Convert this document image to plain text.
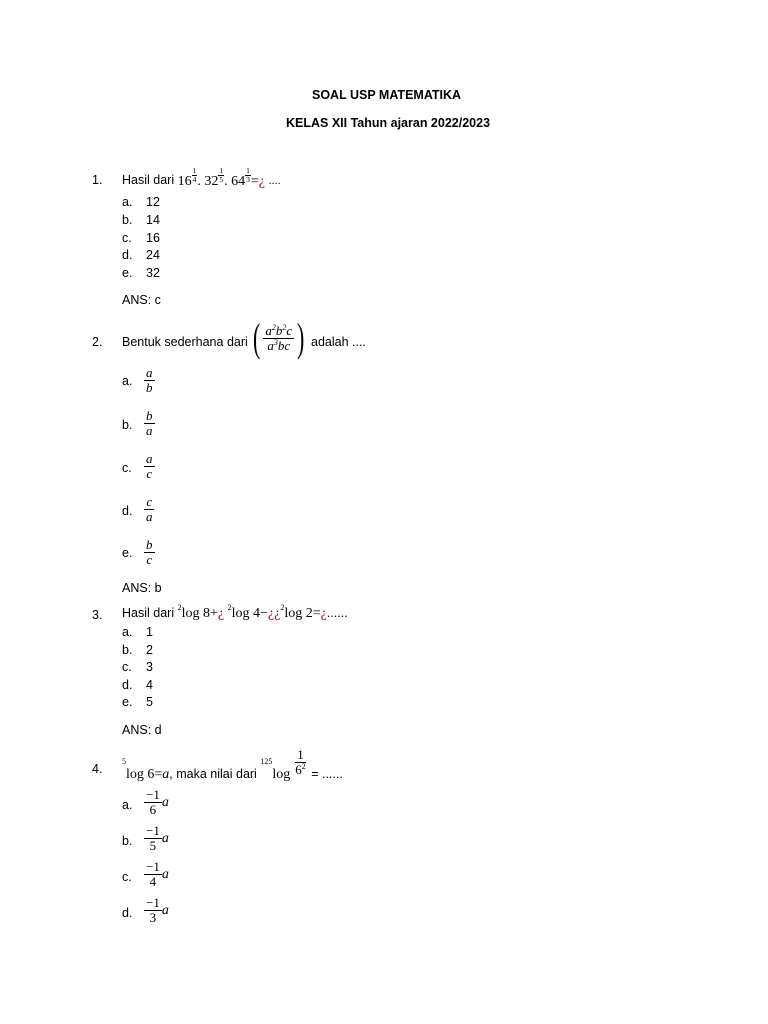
SOAL USP MATEMATIKA
KELAS XII Tahun ajaran 2022/2023
1. Hasil dari $16 \frac{1}{4}$ . $32 \frac{1}{5}$ . $64 \frac{1}{3}$ =¿ ....
a. 12
b. 14
c. 16
d. 24
e. 32
ANS: c
2. Bentuk sederhana dari ( $\frac{a^2b^2c}{a^3bc}$ ) adalah ....
a. $\frac{a}{b}$
b. $\frac{b}{a}$
c. $\frac{a}{c}$
d. $\frac{c}{a}$
e. $\frac{b}{c}$
ANS: b
3. Hasil dari $^2$log 8+¿ $^2$log 4−¿¿$^2$log 2=¿......
a. 1
b. 2
c. 3
d. 4
e. 5
ANS: d
4.
$^5$log 6=a, maka nilai dari $^{125}\log \frac{1}{6^2}$ = ......
a. $\frac{-1}{6}$ a
b. $\frac{-1}{5}$ a
c. $\frac{-1}{4}$ a
d. $\frac{-1}{3}$ a
